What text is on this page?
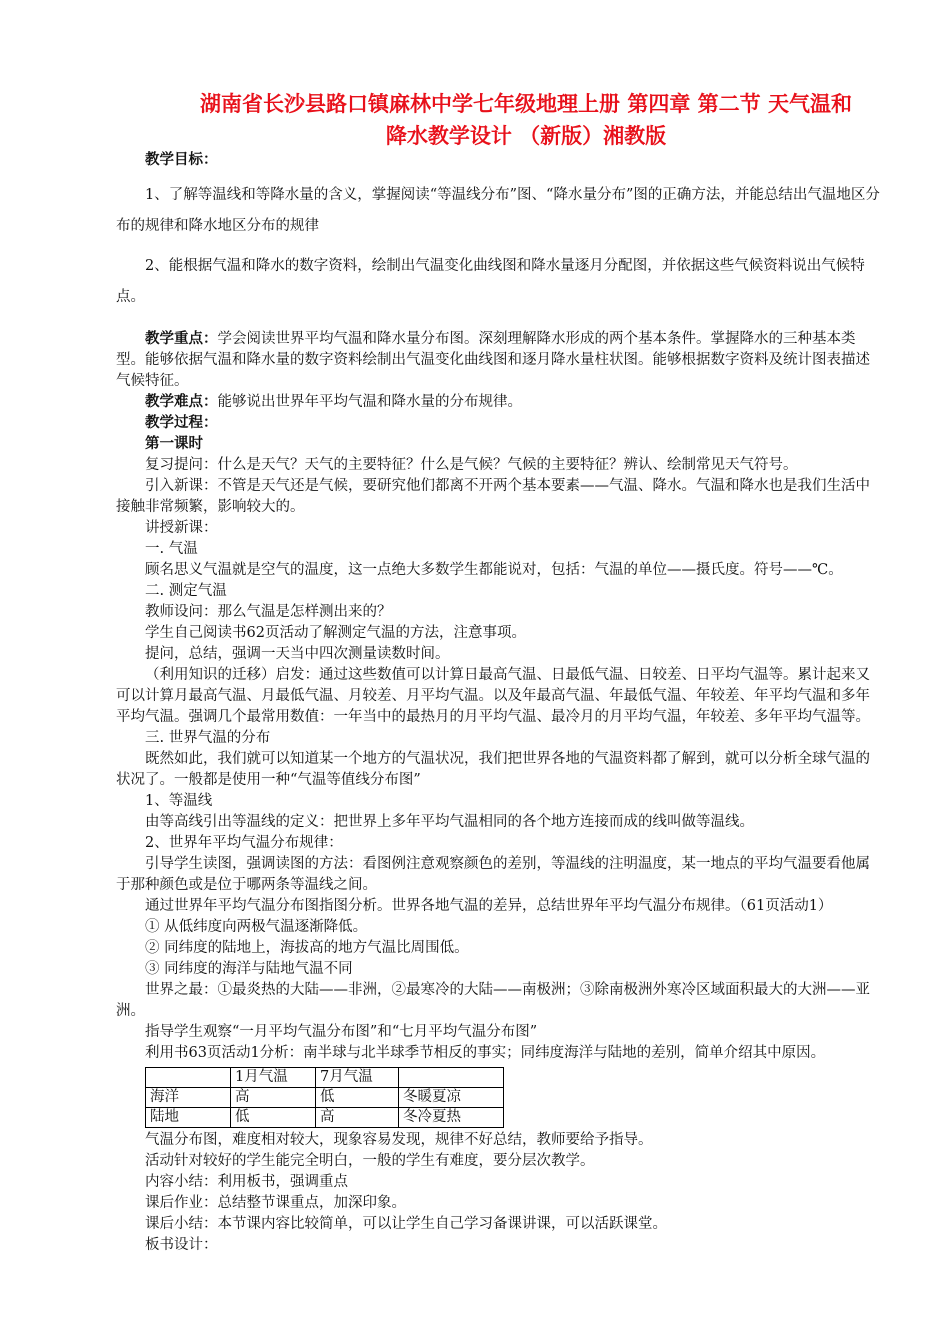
湖南省长沙县路口镇麻林中学七年级地理上册 第四章 第二节 天气温和
降水教学设计 （新版）湘教版

教学目标：

1、了解等温线和等降水量的含义，掌握阅读“等温线分布”图、“降水量分布”图的正确方法，并能总结出气温地区分布的规律和降水地区分布的规律

2、能根据气温和降水的数字资料，绘制出气温变化曲线图和降水量逐月分配图，并依据这些气候资料说出气候特点。

教学重点：学会阅读世界平均气温和降水量分布图。深刻理解降水形成的两个基本条件。掌握降水的三种基本类型。能够依据气温和降水量的数字资料绘制出气温变化曲线图和逐月降水量柱状图。能够根据数字资料及统计图表描述气候特征。

教学难点：能够说出世界年平均气温和降水量的分布规律。

教学过程：

第一课时

复习提问：什么是天气？天气的主要特征？什么是气候？气候的主要特征？辨认、绘制常见天气符号。

引入新课：不管是天气还是气候，要研究他们都离不开两个基本要素——气温、降水。气温和降水也是我们生活中接触非常频繁，影响较大的。

讲授新课：

一. 气温

顾名思义气温就是空气的温度，这一点绝大多数学生都能说对，包括：气温的单位——摄氏度。符号——℃。

二. 测定气温

教师设问：那么气温是怎样测出来的？

学生自己阅读书62页活动了解测定气温的方法，注意事项。

提问，总结，强调一天当中四次测量读数时间。

（利用知识的迁移）启发：通过这些数值可以计算日最高气温、日最低气温、日较差、日平均气温等。累计起来又可以计算月最高气温、月最低气温、月较差、月平均气温。以及年最高气温、年最低气温、年较差、年平均气温和多年平均气温。强调几个最常用数值：一年当中的最热月的月平均气温、最冷月的月平均气温，年较差、多年平均气温等。

三. 世界气温的分布

既然如此，我们就可以知道某一个地方的气温状况，我们把世界各地的气温资料都了解到，就可以分析全球气温的状况了。一般都是使用一种“气温等值线分布图”

1、等温线

由等高线引出等温线的定义：把世界上多年平均气温相同的各个地方连接而成的线叫做等温线。

2、世界年平均气温分布规律：

引导学生读图，强调读图的方法：看图例注意观察颜色的差别，等温线的注明温度，某一地点的平均气温要看他属于那种颜色或是位于哪两条等温线之间。

通过世界年平均气温分布图指图分析。世界各地气温的差异，总结世界年平均气温分布规律。（61页活动1）

① 从低纬度向两极气温逐渐降低。

② 同纬度的陆地上，海拔高的地方气温比周围低。

③ 同纬度的海洋与陆地气温不同

世界之最：①最炎热的大陆——非洲，②最寒冷的大陆——南极洲；③除南极洲外寒冷区域面积最大的大洲——亚洲。

指导学生观察“一月平均气温分布图”和“七月平均气温分布图”

利用书63页活动1分析：南半球与北半球季节相反的事实；同纬度海洋与陆地的差别，简单介绍其中原因。

	1月气温	7月气温	
海洋	高	低	冬暖夏凉
陆地	低	高	冬冷夏热

气温分布图，难度相对较大，现象容易发现，规律不好总结，教师要给予指导。

活动针对较好的学生能完全明白，一般的学生有难度，要分层次教学。

内容小结：利用板书，强调重点

课后作业：总结整节课重点，加深印象。

课后小结：本节课内容比较简单，可以让学生自己学习备课讲课，可以活跃课堂。

板书设计：
